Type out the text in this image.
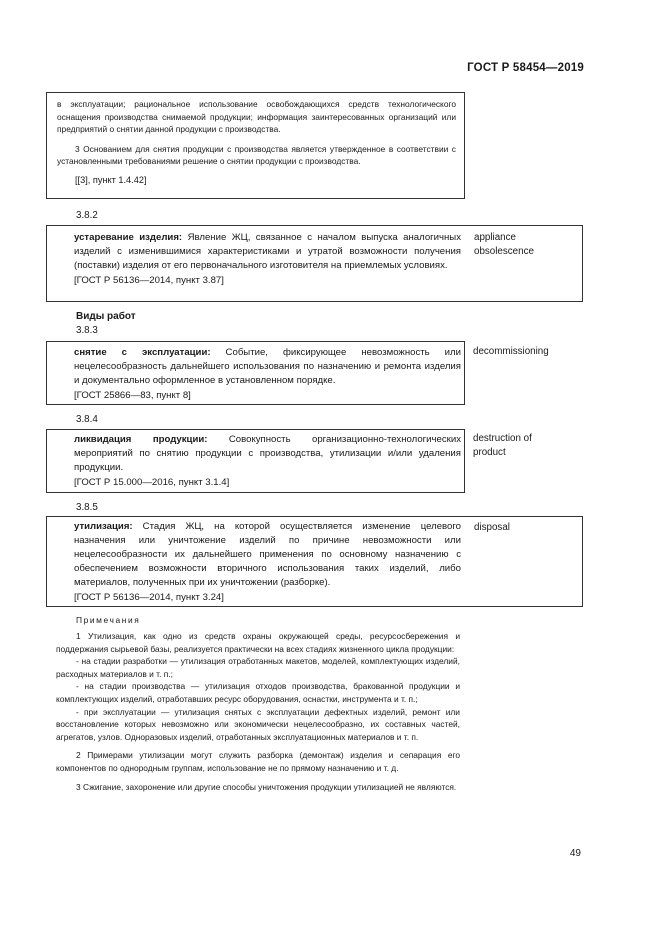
ГОСТ Р 58454—2019

в эксплуатации; рациональное использование освобождающихся средств технологического оснащения производства снимаемой продукции; информация заинтересованных организаций или предприятий о снятии данной продукции с производства.

3 Основанием для снятия продукции с производства является утвержденное в соответствии с установленными требованиями решение о снятии продукции с производства.

[[3], пункт 1.4.42]

3.8.2

устаревание изделия: Явление ЖЦ, связанное с началом выпуска аналогичных изделий с изменившимися характеристиками и утратой возможности получения (поставки) изделия от его первоначального изготовителя на приемлемых условиях.

[ГОСТ Р 56136—2014, пункт 3.87]

appliance
obsolescence
Виды работ
3.8.3

снятие с эксплуатации: Событие, фиксирующее невозможность или нецелесообразность дальнейшего использования по назначению и ремонта изделия и документально оформленное в установленном порядке.

[ГОСТ 25866—83, пункт 8]

decommissioning
3.8.4

ликвидация продукции: Совокупность организационно-технологических мероприятий по снятию продукции с производства, утилизации и/или удаления продукции.

[ГОСТ Р 15.000—2016, пункт 3.1.4]

destruction of
product
3.8.5

утилизация: Стадия ЖЦ, на которой осуществляется изменение целевого назначения или уничтожение изделий по причине невозможности или нецелесообразности их дальнейшего применения по основному назначению с обеспечением возможности вторичного использования таких изделий, либо материалов, полученных при их уничтожении (разборке).

[ГОСТ Р 56136—2014, пункт 3.24]

disposal
Примечания

1 Утилизация, как одно из средств охраны окружающей среды, ресурсосбережения и поддержания сырьевой базы, реализуется практически на всех стадиях жизненного цикла продукции:

- на стадии разработки — утилизация отработанных макетов, моделей, комплектующих изделий, расходных материалов и т. п.;

- на стадии производства — утилизация отходов производства, бракованной продукции и комплектующих изделий, отработавших ресурс оборудования, оснастки, инструмента и т. п.;

- при эксплуатации — утилизация снятых с эксплуатации дефектных изделий, ремонт или восстановление которых невозможно или экономически нецелесообразно, их составных частей, агрегатов, узлов. Одноразовых изделий, отработанных эксплуатационных материалов и т. п.

2 Примерами утилизации могут служить разборка (демонтаж) изделия и сепарация его компонентов по однородным группам, использование не по прямому назначению и т. д.

3 Сжигание, захоронение или другие способы уничтожения продукции утилизацией не являются.

49
